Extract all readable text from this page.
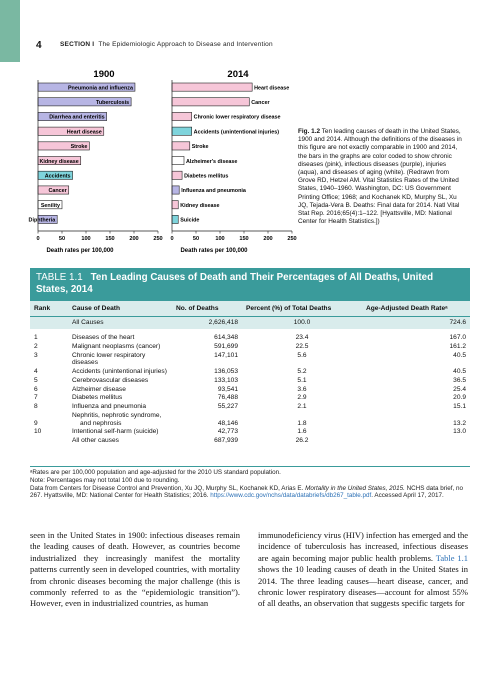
4	SECTION I The Epidemiologic Approach to Disease and Intervention
1900
Pneumonia and influenza
Tuberculosis
Diarrhea and enteritis
Heart disease
Stroke
Kidney disease
Accidents
Cancer
Senility
Diphtheria
0	50	100	150	200	250
Death rates per 100,000
2014
Heart disease
Cancer
Chronic lower respiratory disease
Accidents (unintentional injuries)
Stroke
Alzheimer's disease
Diabetes mellitus
Influenza and pneumonia
Kidney disease
Suicide
0	50	100	150	200	250
Death rates per 100,000
Fig. 1.2 Ten leading causes of death in the United States, 1900 and 2014. Although the definitions of the diseases in this figure are not exactly comparable in 1900 and 2014, the bars in the graphs are color coded to show chronic diseases (pink), infectious diseases (purple), injuries (aqua), and diseases of aging (white). (Redrawn from Grove RD, Hetzel AM. Vital Statistics Rates of the United States, 1940–1960. Washington, DC: US Government Printing Office; 1968; and Kochanek KD, Murphy SL, Xu JQ, Tejada-Vera B. Deaths: Final data for 2014. Natl Vital Stat Rep. 2016;65(4):1–122. [Hyattsville, MD: National Center for Health Statistics.])
TABLE 1.1 Ten Leading Causes of Death and Their Percentages of All Deaths, United States, 2014
Rank	Cause of Death	No. of Deaths	Percent (%) of Total Deaths	Age-Adjusted Death Rateᵃ
	All Causes	2,626,418	100.0	724.6

1	Diseases of the heart	614,348	23.4	167.0
2	Malignant neoplasms (cancer)	591,699	22.5	161.2
3	Chronic lower respiratory diseases	147,101	5.6	40.5
4	Accidents (unintentional injuries)	136,053	5.2	40.5
5	Cerebrovascular diseases	133,103	5.1	36.5
6	Alzheimer disease	93,541	3.6	25.4
7	Diabetes mellitus	76,488	2.9	20.9
8	Influenza and pneumonia	55,227	2.1	15.1
9	Nephritis, nephrotic syndrome,
and nephrosis	48,146	1.8	13.2
10	Intentional self-harm (suicide)	42,773	1.6	13.0
	All other causes	687,939	26.2	
ᵃRates are per 100,000 population and age-adjusted for the 2010 US standard population.
Note: Percentages may not total 100 due to rounding.
Data from Centers for Disease Control and Prevention, Xu JQ, Murphy SL, Kochanek KD, Arias E. Mortality in the United States, 2015. NCHS data brief, no 267. Hyattsville, MD: National Center for Health Statistics; 2016. https://www.cdc.gov/nchs/data/databriefs/db267_table.pdf. Accessed April 17, 2017.
seen in the United States in 1900: infectious diseases remain the leading causes of death. However, as countries become industrialized they increasingly manifest the mortality patterns currently seen in developed countries, with mortality from chronic diseases becoming the major challenge (this is commonly referred to as the “epidemiologic transition”). However, even in industrialized countries, as human
immunodeficiency virus (HIV) infection has emerged and the incidence of tuberculosis has increased, infectious diseases are again becoming major public health problems. Table 1.1 shows the 10 leading causes of death in the United States in 2014. The three leading causes—heart disease, cancer, and chronic lower respiratory diseases—account for almost 55% of all deaths, an observation that suggests specific targets for
